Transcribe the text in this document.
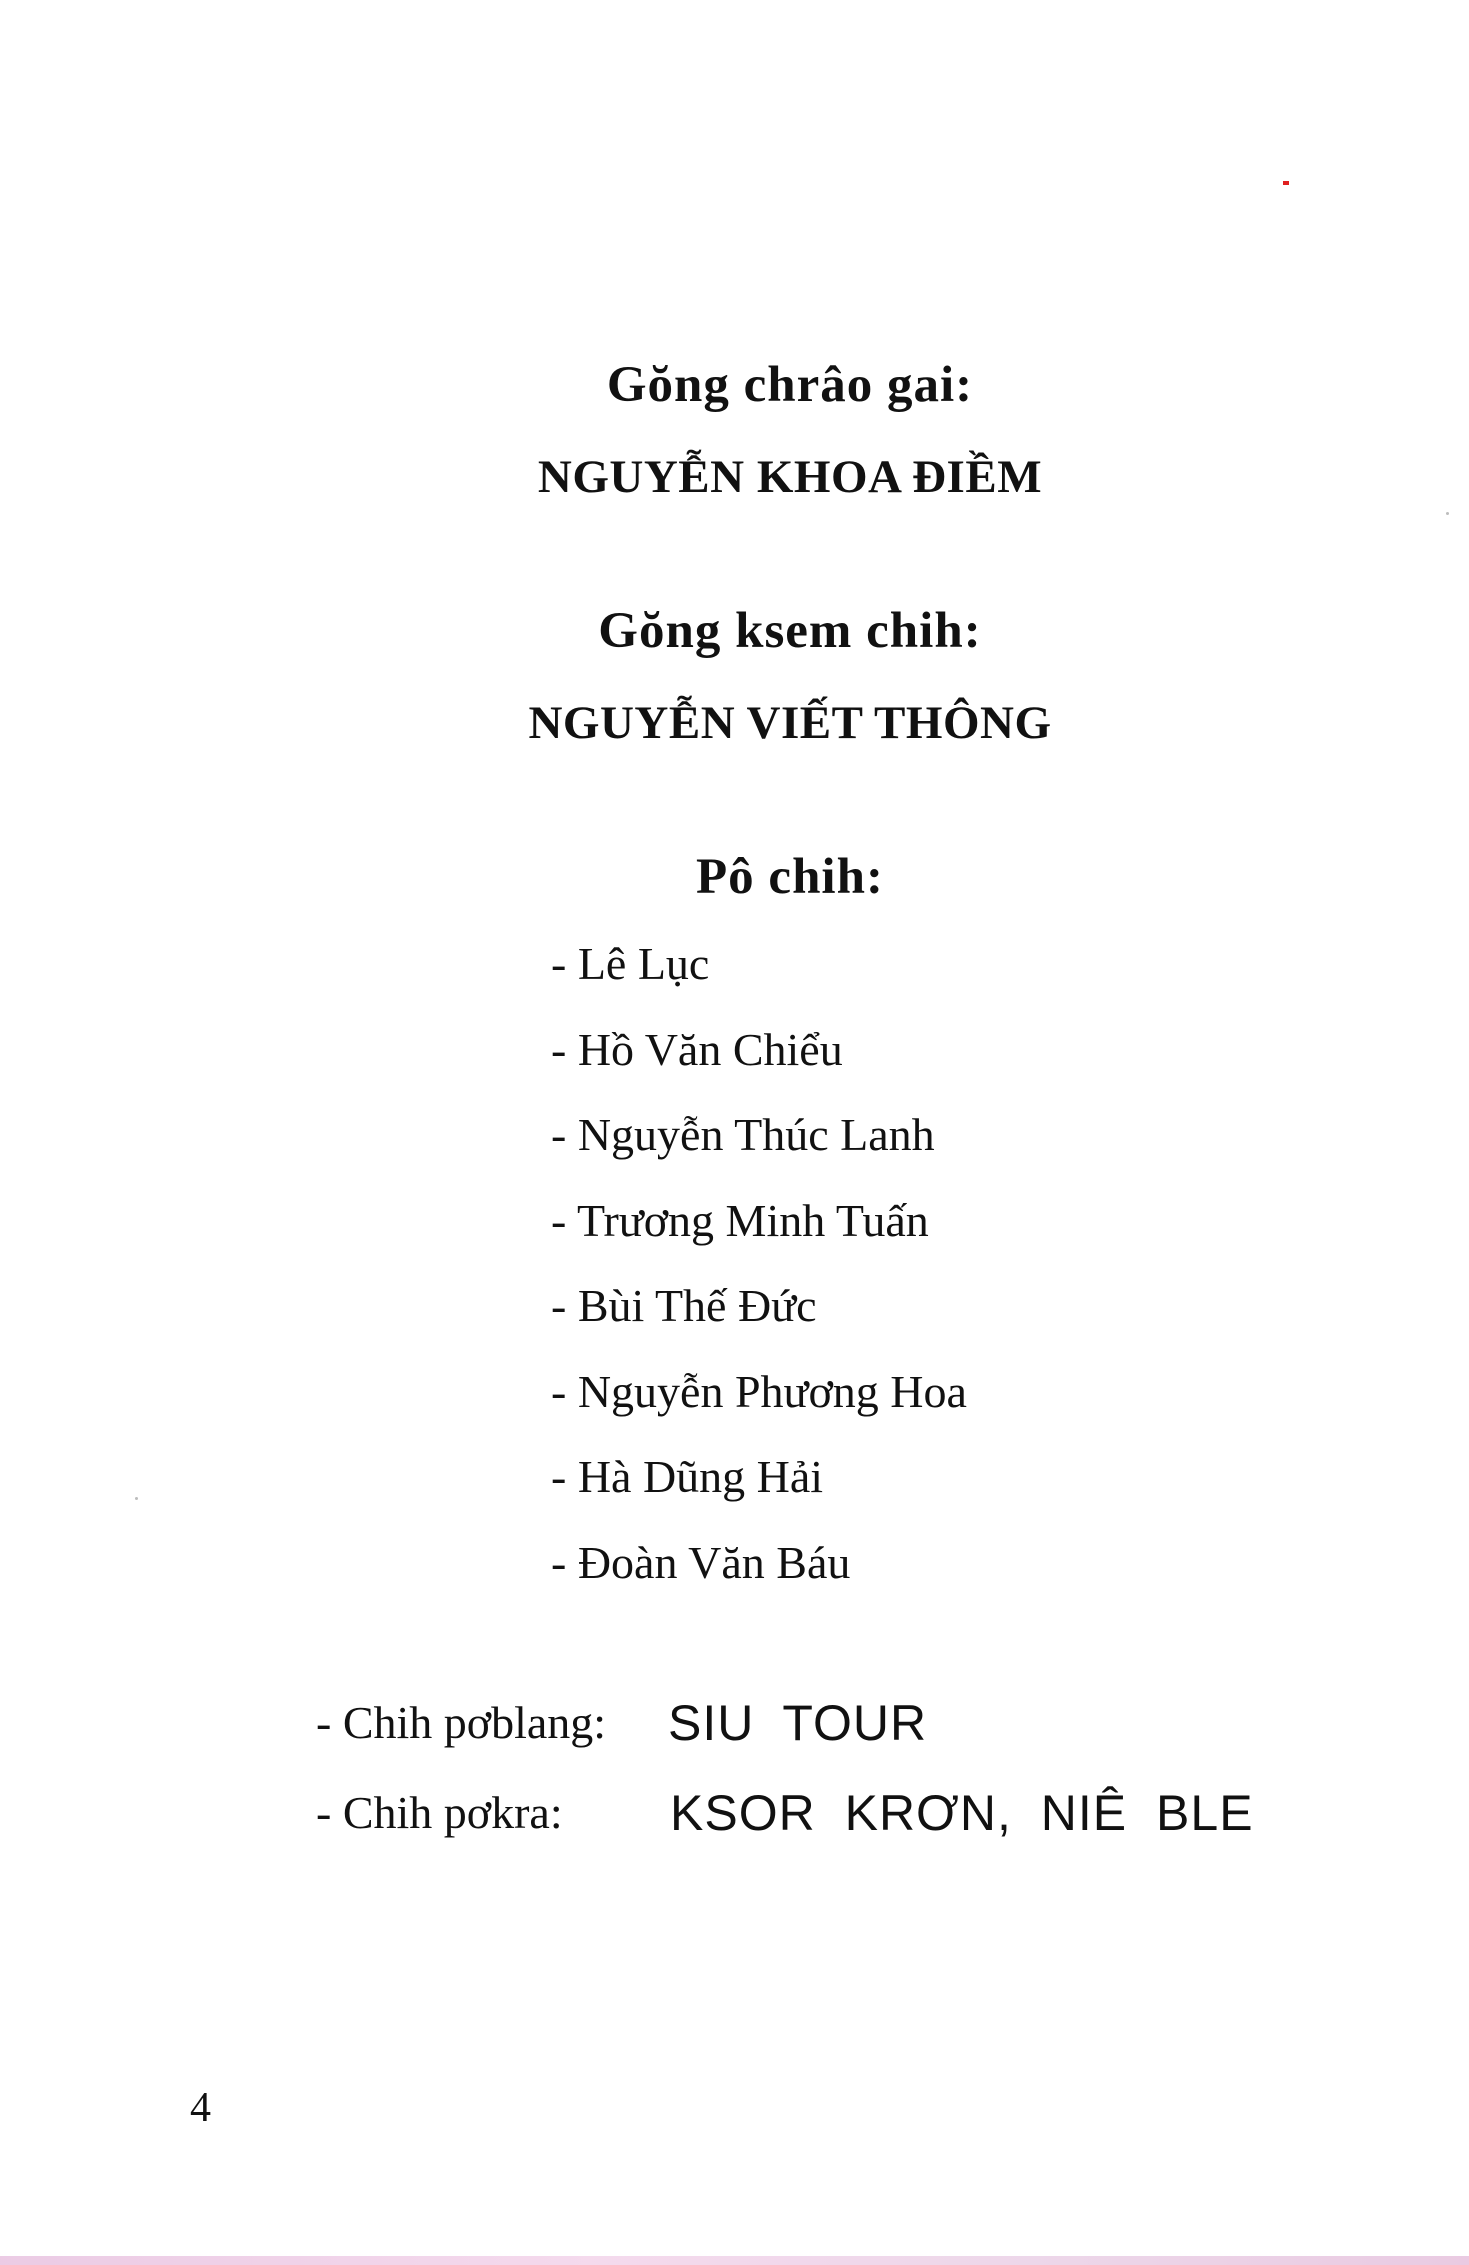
Gŏng chrâo gai:
NGUYỄN KHOA ĐIỀM
Gŏng ksem chih:
NGUYỄN VIẾT THÔNG
Pô chih:
- Lê Lục
- Hồ Văn Chiểu
- Nguyễn Thúc Lanh
- Trương Minh Tuấn
- Bùi Thế Đức
- Nguyễn Phương Hoa
- Hà Dũng Hải
- Đoàn Văn Báu
- Chih pơblang: SIU TOUR
- Chih pơkra: KSOR KRƠN, NIÊ BLE
4
